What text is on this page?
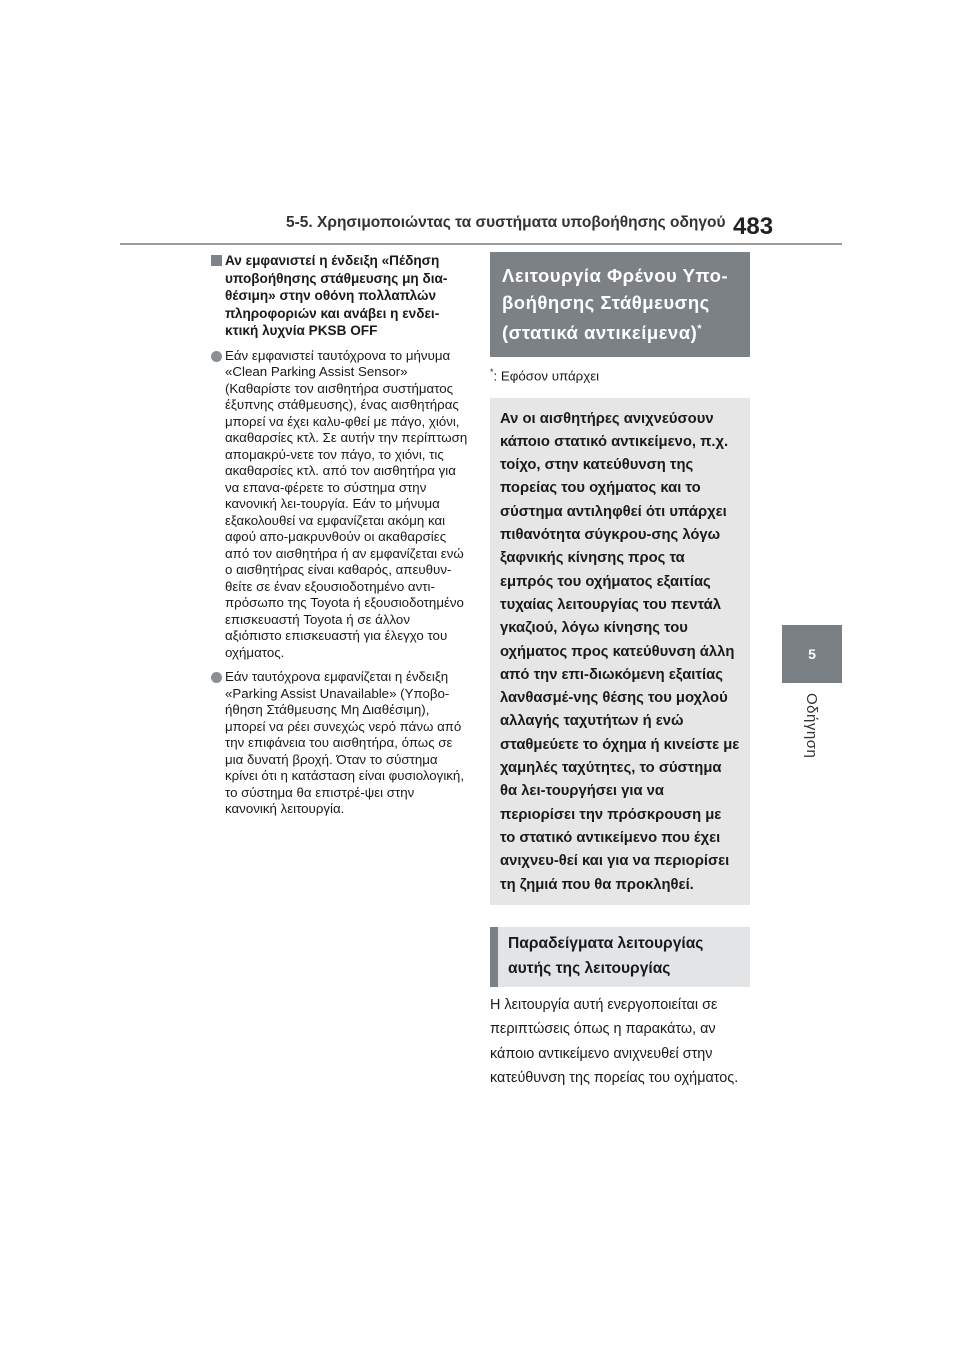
5-5. Χρησιμοποιώντας τα συστήματα υποβοήθησης οδηγού 483
5
Οδήγηση
Αν εμφανιστεί η ένδειξη «Πέδηση υποβοήθησης στάθμευσης μη δια-θέσιμη» στην οθόνη πολλαπλών πληροφοριών και ανάβει η ενδει-κτική λυχνία PKSB OFF
Εάν εμφανιστεί ταυτόχρονα το μήνυμα «Clean Parking Assist Sensor» (Καθαρίστε τον αισθητήρα συστήματος έξυπνης στάθμευσης), ένας αισθητήρας μπορεί να έχει καλυ-φθεί με πάγο, χιόνι, ακαθαρσίες κτλ. Σε αυτήν την περίπτωση απομακρύ-νετε τον πάγο, το χιόνι, τις ακαθαρσίες κτλ. από τον αισθητήρα για να επανα-φέρετε το σύστημα στην κανονική λει-τουργία. Εάν το μήνυμα εξακολουθεί να εμφανίζεται ακόμη και αφού απο-μακρυνθούν οι ακαθαρσίες από τον αισθητήρα ή αν εμφανίζεται ενώ ο αισθητήρας είναι καθαρός, απευθυν-θείτε σε έναν εξουσιοδοτημένο αντι-πρόσωπο της Toyota ή εξουσιοδοτημένο επισκευαστή Toyota ή σε άλλον αξιόπιστο επισκευαστή για έλεγχο του οχήματος.
Εάν ταυτόχρονα εμφανίζεται η ένδειξη «Parking Assist Unavailable» (Υποβο-ήθηση Στάθμευσης Μη Διαθέσιμη), μπορεί να ρέει συνεχώς νερό πάνω από την επιφάνεια του αισθητήρα, όπως σε μια δυνατή βροχή. Όταν το σύστημα κρίνει ότι η κατάσταση είναι φυσιολογική, το σύστημα θα επιστρέ-ψει στην κανονική λειτουργία.
Λειτουργία Φρένου Υπο-βοήθησης Στάθμευσης (στατικά αντικείμενα)*
*: Εφόσον υπάρχει
Αν οι αισθητήρες ανιχνεύσουν κάποιο στατικό αντικείμενο, π.χ. τοίχο, στην κατεύθυνση της πορείας του οχήματος και το σύστημα αντιληφθεί ότι υπάρχει πιθανότητα σύγκρου-σης λόγω ξαφνικής κίνησης προς τα εμπρός του οχήματος εξαιτίας τυχαίας λειτουργίας του πεντάλ γκαζιού, λόγω κίνησης του οχήματος προς κατεύθυνση άλλη από την επι-διωκόμενη εξαιτίας λανθασμέ-νης θέσης του μοχλού αλλαγής ταχυτήτων ή ενώ σταθμεύετε το όχημα ή κινείστε με χαμηλές ταχύτητες, το σύστημα θα λει-τουργήσει για να περιορίσει την πρόσκρουση με το στατικό αντικείμενο που έχει ανιχνευ-θεί και για να περιορίσει τη ζημιά που θα προκληθεί.
Παραδείγματα λειτουργίας αυτής της λειτουργίας
Η λειτουργία αυτή ενεργοποιείται σε περιπτώσεις όπως η παρακάτω, αν κάποιο αντικείμενο ανιχνευθεί στην κατεύθυνση της πορείας του οχήματος.
